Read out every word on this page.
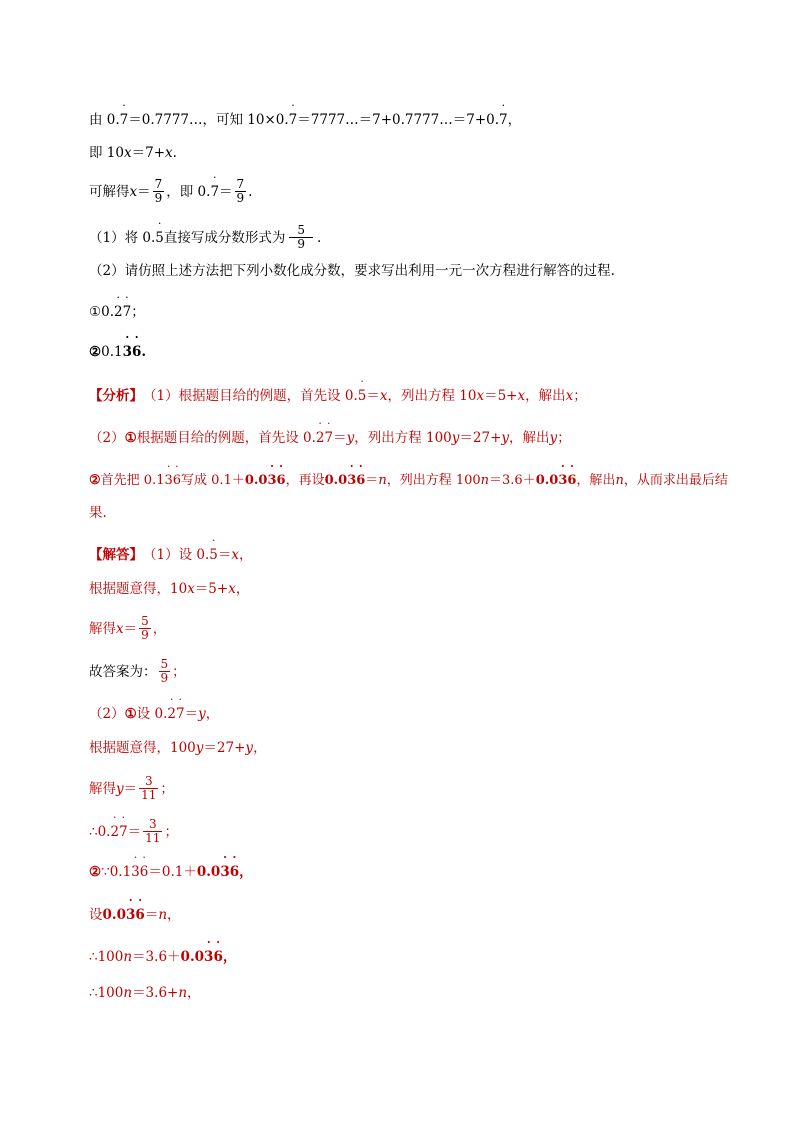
由 0.
· 7 ＝0.7777…，可知 10×0.
· 7 ＝7777…＝7+0.7777…＝7+0.
· 7 ，
即 10 x ＝7+ x .
可解得 $x = \frac{7}{9}$ ，即 0.
· $7 = \frac{7}{9}$ .
（1）将 0.
· 5 直接写成分数形式为 $\frac{5}{9}$ .
（2）请仿照上述方法把下列小数化成分数，要求写出利用一元一次方程进行解答的过程.
① 0.
· 2
· 7 ；
② 0.1
· 3
· 6 .
【分析】 （1）根据题目给的例题，首先设 0.
· 5 ＝ x ，列出方程 10 x ＝5+ x ，解出 x ；
（2） ① 根据题目给的例题，首先设 0.
· 2
· 7 ＝ y ，列出方程 100 y ＝27+ y ，解出 y ；
② 首先把 0.1
· 3
· 6 写成 0.1＋ 0.0
· 3
· 6 ，再设 0.0
· 3
· 6 ＝ n ，列出方程 100 n ＝3.6＋ 0.0
· 3
· 6 ，解出 n ，从而求出最后结
果.
【解答】 （1）设 0.
· 5 ＝ x ，
根据题意得，10 x ＝5+ x ，
解得 $x = \frac{5}{9}$ ，
故答案为： $\frac{5}{9}$ ；
（2） ① 设 0.
· 2
· 7 ＝ y ，
根据题意得，100 y ＝27+ y ，
解得 $y = \frac{3}{11}$ ；
∴0.
· 2
· $7 = \frac{3}{11}$ ；
② ∵0.1
· 3
· 6 ＝0.1＋ 0.0
· 3
· 6 ，
设 0.0
· 3
· 6 ＝ n ，
∴100 n ＝3.6＋ 0.0
· 3
· 6 ，
∴100 n ＝3.6+ n ，
